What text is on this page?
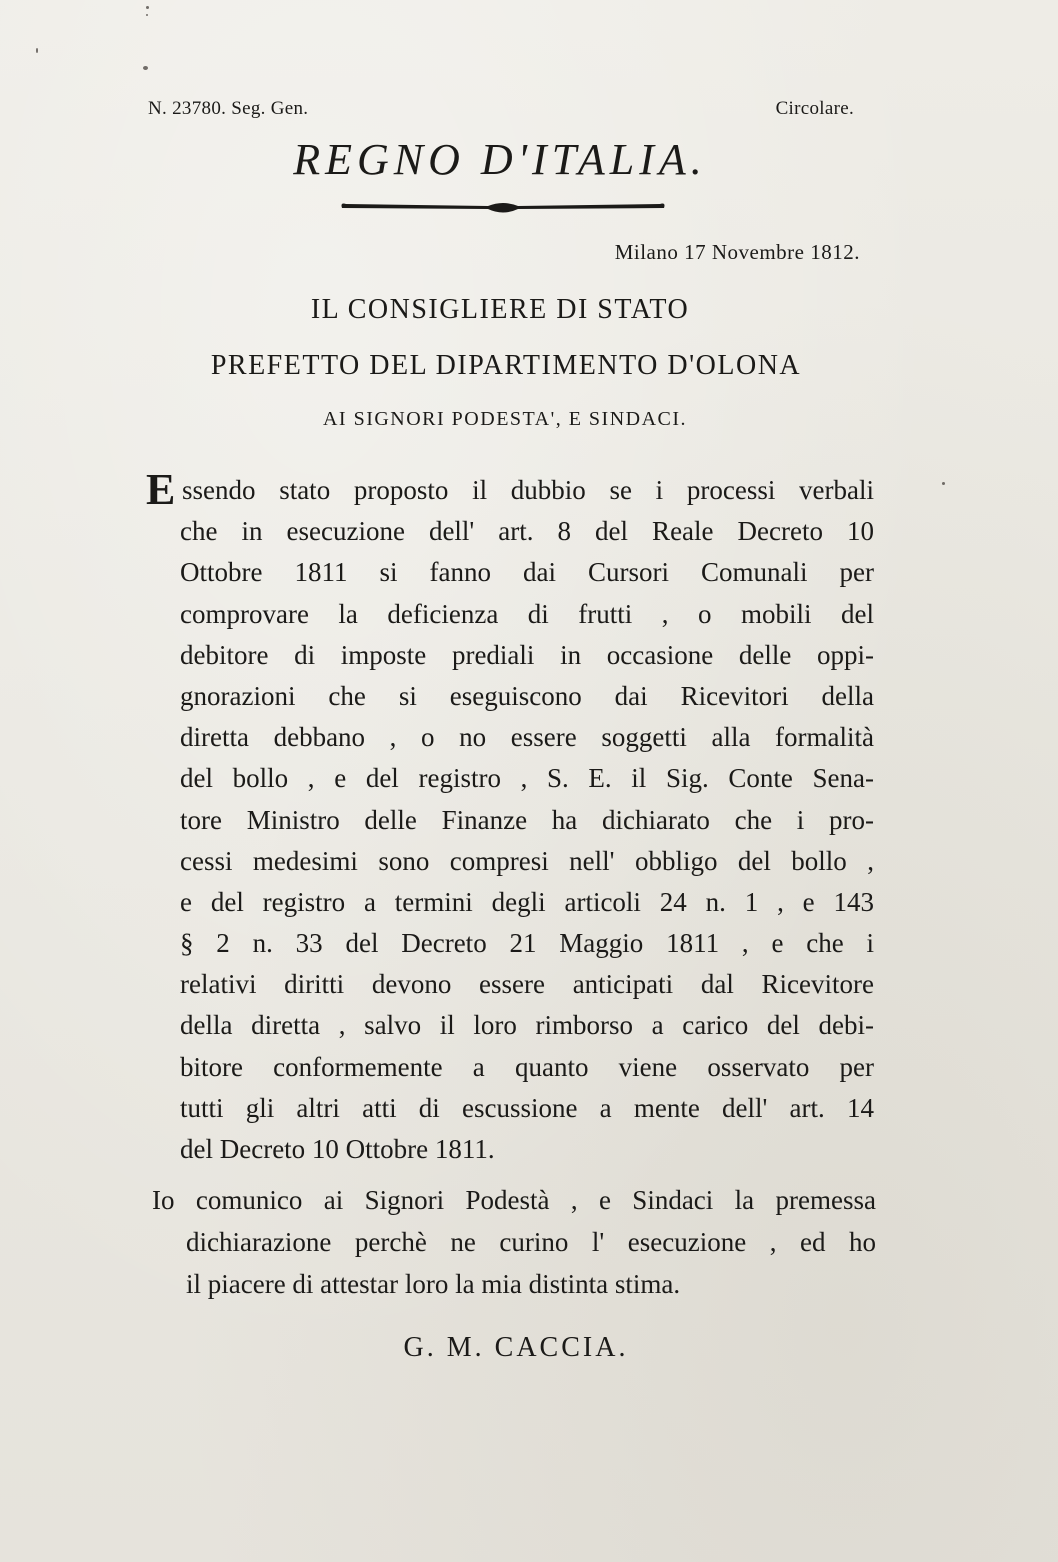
N. 23780. Seg. Gen.	Circolare.
REGNO D'ITALIA.
Milano 17 Novembre 1812.
IL CONSIGLIERE DI STATO
PREFETTO DEL DIPARTIMENTO D'OLONA
AI SIGNORI PODESTA', E SINDACI.
E ssendo stato proposto il dubbio se i processi verbali
che in esecuzione dell' art. 8 del Reale Decreto 10
Ottobre 1811 si fanno dai Cursori Comunali per
comprovare la deficienza di frutti , o mobili del
debitore di imposte prediali in occasione delle oppi-
gnorazioni che si eseguiscono dai Ricevitori della
diretta debbano , o no essere soggetti alla formalità
del bollo , e del registro , S. E. il Sig. Conte Sena-
tore Ministro delle Finanze ha dichiarato che i pro-
cessi medesimi sono compresi nell' obbligo del bollo ,
e del registro a termini degli articoli 24 n. 1 , e 143
§ 2 n. 33 del Decreto 21 Maggio 1811 , e che i
relativi diritti devono essere anticipati dal Ricevitore
della diretta , salvo il loro rimborso a carico del debi-
bitore conformemente a quanto viene osservato per
tutti gli altri atti di escussione a mente dell' art. 14
del Decreto 10 Ottobre 1811.
Io comunico ai Signori Podestà , e Sindaci la premessa
dichiarazione perchè ne curino l' esecuzione , ed ho
il piacere di attestar loro la mia distinta stima.
G. M. CACCIA.
